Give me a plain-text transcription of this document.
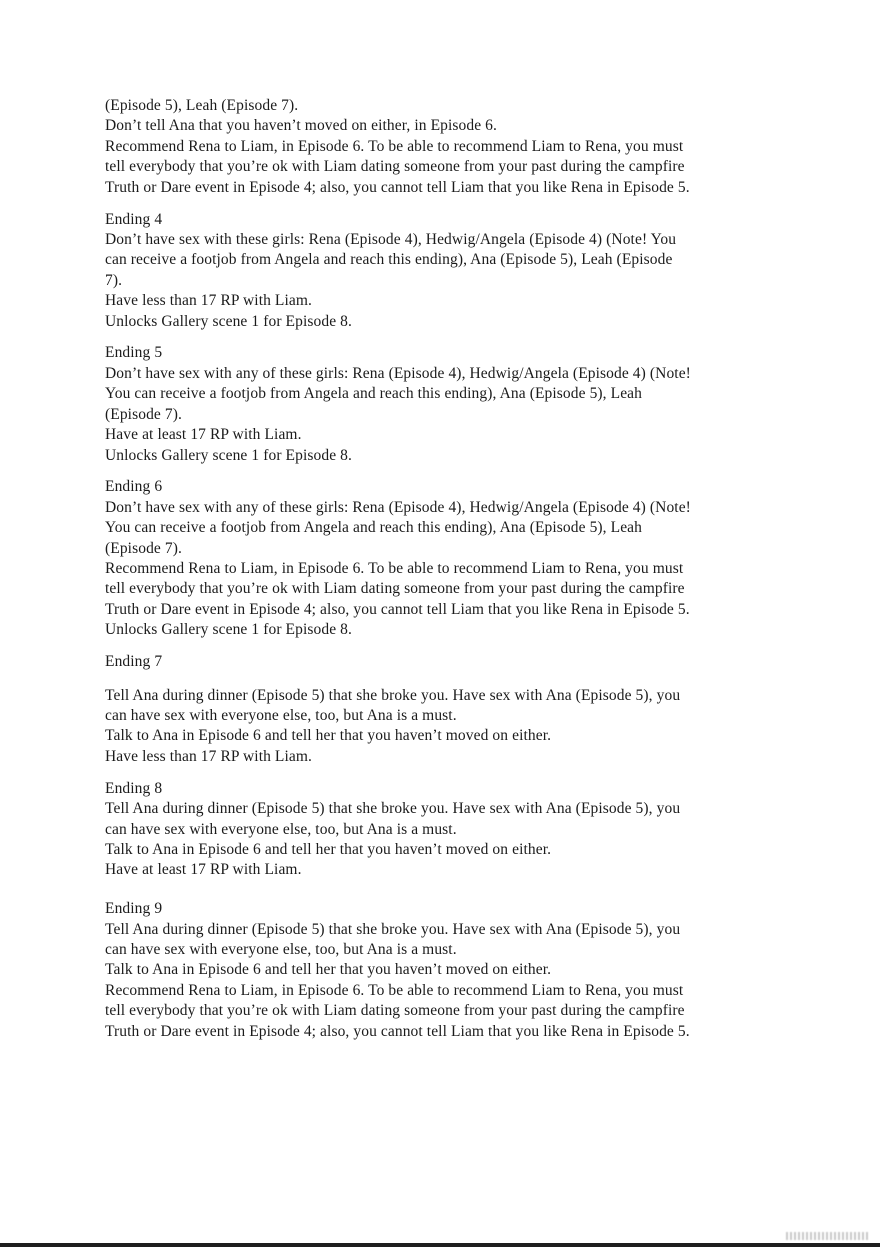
(Episode 5), Leah (Episode 7).
Don’t tell Ana that you haven’t moved on either, in Episode 6.
Recommend Rena to Liam, in Episode 6. To be able to recommend Liam to Rena, you must
tell everybody that you’re ok with Liam dating someone from your past during the campfire
Truth or Dare event in Episode 4; also, you cannot tell Liam that you like Rena in Episode 5.
Ending 4
Don’t have sex with these girls: Rena (Episode 4), Hedwig/Angela (Episode 4) (Note! You
can receive a footjob from Angela and reach this ending), Ana (Episode 5), Leah (Episode
7).
Have less than 17 RP with Liam.
Unlocks Gallery scene 1 for Episode 8.
Ending 5
Don’t have sex with any of these girls: Rena (Episode 4), Hedwig/Angela (Episode 4) (Note!
You can receive a footjob from Angela and reach this ending), Ana (Episode 5), Leah
(Episode 7).
Have at least 17 RP with Liam.
Unlocks Gallery scene 1 for Episode 8.
Ending 6
Don’t have sex with any of these girls: Rena (Episode 4), Hedwig/Angela (Episode 4) (Note!
You can receive a footjob from Angela and reach this ending), Ana (Episode 5), Leah
(Episode 7).
Recommend Rena to Liam, in Episode 6. To be able to recommend Liam to Rena, you must
tell everybody that you’re ok with Liam dating someone from your past during the campfire
Truth or Dare event in Episode 4; also, you cannot tell Liam that you like Rena in Episode 5.
Unlocks Gallery scene 1 for Episode 8.
Ending 7
Tell Ana during dinner (Episode 5) that she broke you. Have sex with Ana (Episode 5), you
can have sex with everyone else, too, but Ana is a must.
Talk to Ana in Episode 6 and tell her that you haven’t moved on either.
Have less than 17 RP with Liam.
Ending 8
Tell Ana during dinner (Episode 5) that she broke you. Have sex with Ana (Episode 5), you
can have sex with everyone else, too, but Ana is a must.
Talk to Ana in Episode 6 and tell her that you haven’t moved on either.
Have at least 17 RP with Liam.
Ending 9
Tell Ana during dinner (Episode 5) that she broke you. Have sex with Ana (Episode 5), you
can have sex with everyone else, too, but Ana is a must.
Talk to Ana in Episode 6 and tell her that you haven’t moved on either.
Recommend Rena to Liam, in Episode 6. To be able to recommend Liam to Rena, you must
tell everybody that you’re ok with Liam dating someone from your past during the campfire
Truth or Dare event in Episode 4; also, you cannot tell Liam that you like Rena in Episode 5.
